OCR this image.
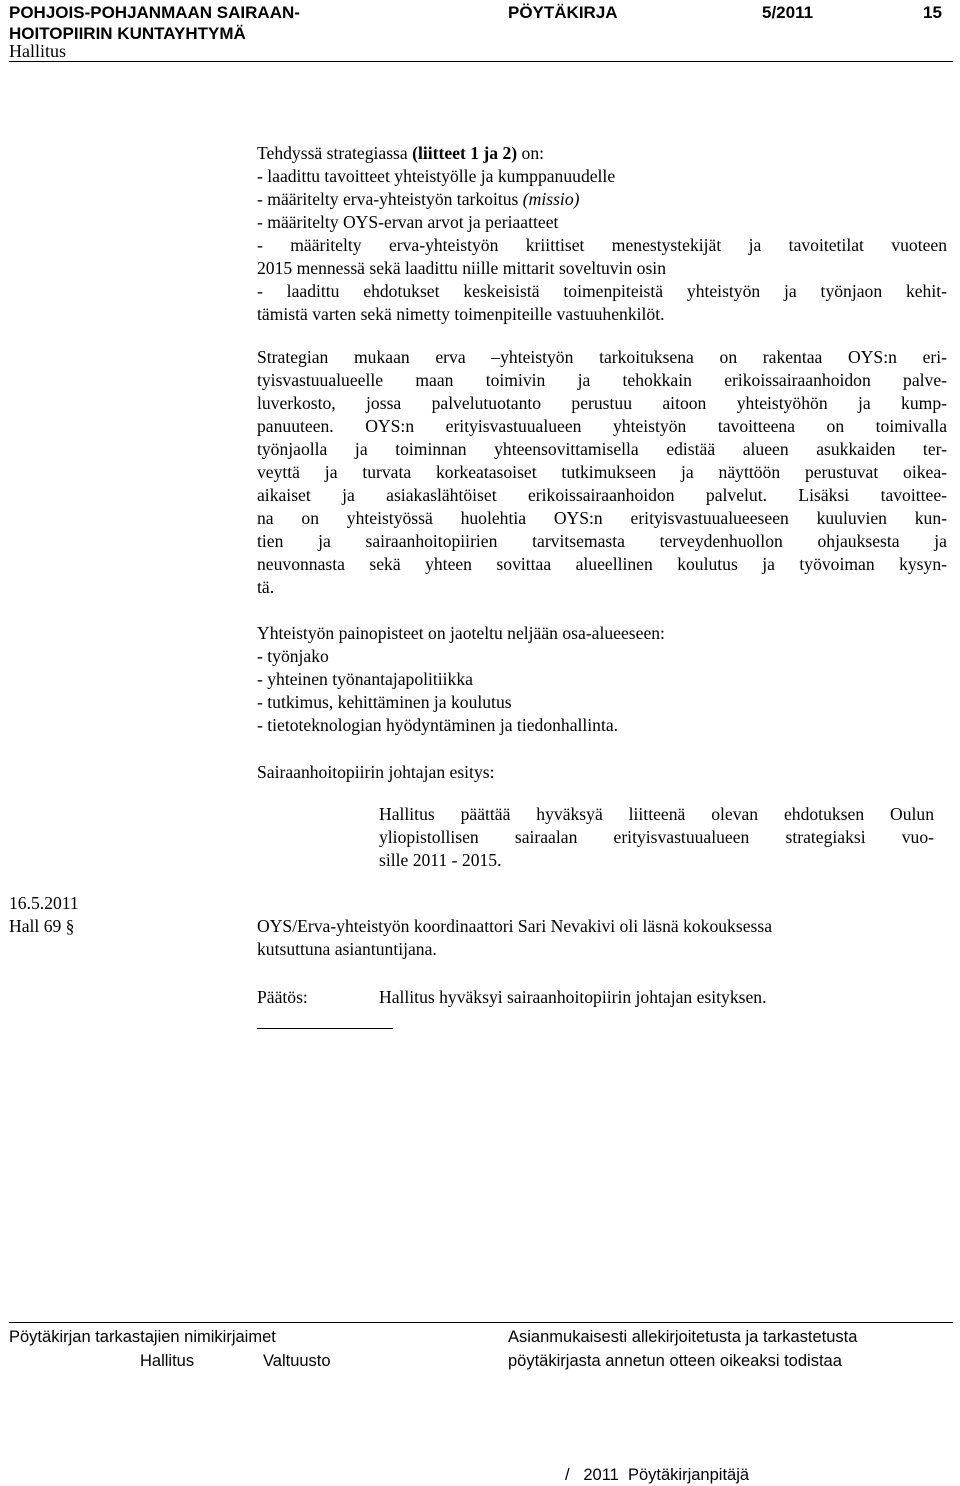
POHJOIS-POHJANMAAN SAIRAAN-
HOITOPIIRIN KUNTAYHTYMÄ
PÖYTÄKIRJA	5/2011	15
Hallitus
Tehdyssä strategiassa (liitteet 1 ja 2) on:
- laadittu tavoitteet yhteistyölle ja kumppanuudelle
- määritelty erva-yhteistyön tarkoitus (missio)
- määritelty OYS-ervan arvot ja periaatteet
- määritelty erva-yhteistyön kriittiset menestystekijät ja tavoitetilat vuoteen
2015 mennessä sekä laadittu niille mittarit soveltuvin osin
- laadittu ehdotukset keskeisistä toimenpiteistä yhteistyön ja työnjaon kehit-
tämistä varten sekä nimetty toimenpiteille vastuuhenkilöt.
Strategian mukaan erva –yhteistyön tarkoituksena on rakentaa OYS:n eri-
tyisvastuualueelle maan toimivin ja tehokkain erikoissairaanhoidon palve-
luverkosto, jossa palvelutuotanto perustuu aitoon yhteistyöhön ja kump-
panuuteen. OYS:n erityisvastuualueen yhteistyön tavoitteena on toimivalla
työnjaolla ja toiminnan yhteensovittamisella edistää alueen asukkaiden ter-
veyttä ja turvata korkeatasoiset tutkimukseen ja näyttöön perustuvat oikea-
aikaiset ja asiakaslähtöiset erikoissairaanhoidon palvelut. Lisäksi tavoittee-
na on yhteistyössä huolehtia OYS:n erityisvastuualueeseen kuuluvien kun-
tien ja sairaanhoitopiirien tarvitsemasta terveydenhuollon ohjauksesta ja
neuvonnasta sekä yhteen sovittaa alueellinen koulutus ja työvoiman kysyn-
tä.
Yhteistyön painopisteet on jaoteltu neljään osa-alueeseen:
- työnjako
- yhteinen työnantajapolitiikka
- tutkimus, kehittäminen ja koulutus
- tietoteknologian hyödyntäminen ja tiedonhallinta.
Sairaanhoitopiirin johtajan esitys:
Hallitus päättää hyväksyä liitteenä olevan ehdotuksen Oulun
yliopistollisen sairaalan erityisvastuualueen strategiaksi vuo-
sille 2011 - 2015.
16.5.2011
Hall 69 §	OYS/Erva-yhteistyön koordinaattori Sari Nevakivi oli läsnä kokouksessa
kutsuttuna asiantuntijana.
Päätös:	Hallitus hyväksyi sairaanhoitopiirin johtajan esityksen.
Pöytäkirjan tarkastajien nimikirjaimet
Hallitus	Valtuusto
Asianmukaisesti allekirjoitetusta ja tarkastetusta
pöytäkirjasta annetun otteen oikeaksi todistaa
/   2011  Pöytäkirjanpitäjä
